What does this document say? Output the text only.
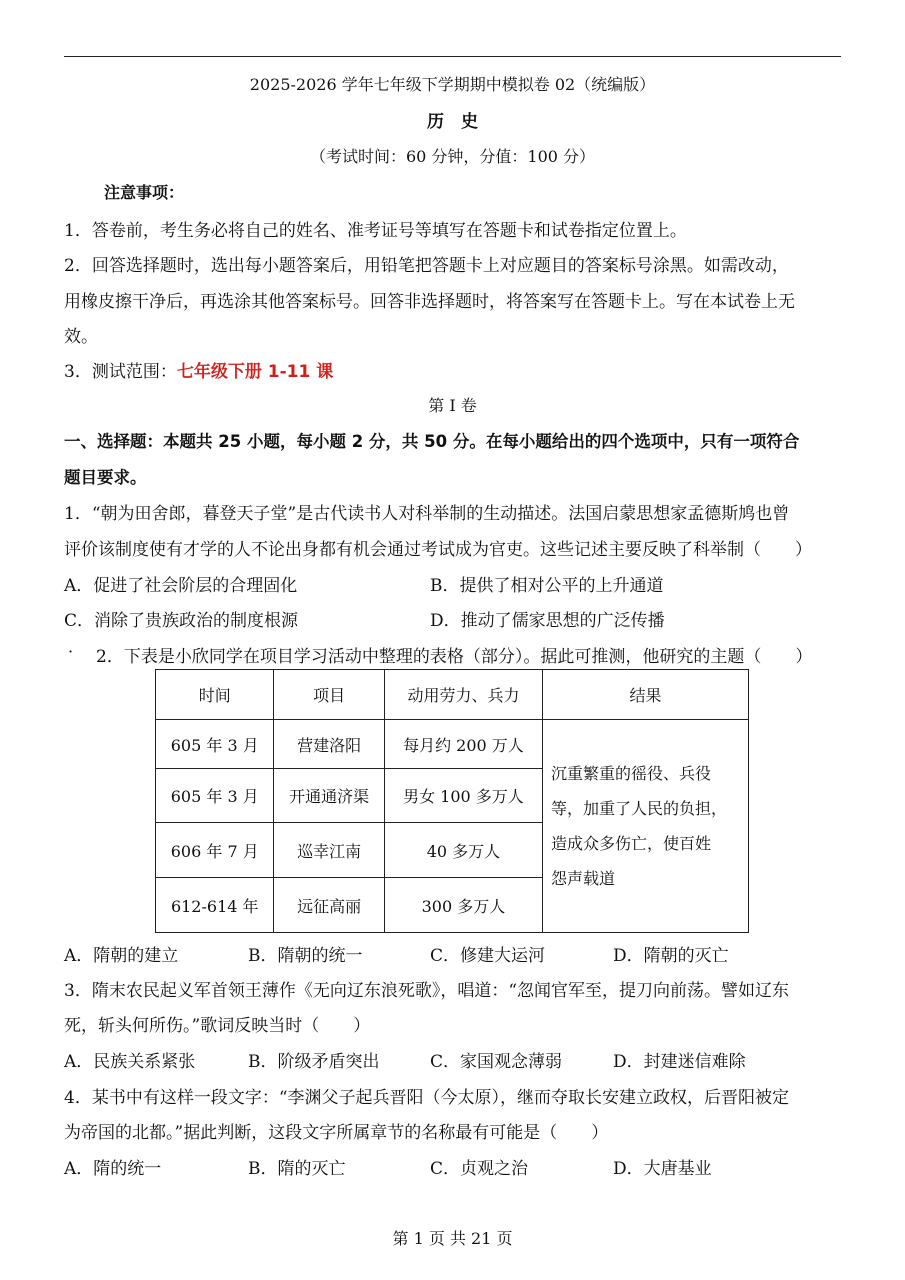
2025-2026 学年七年级下学期期中模拟卷 02（统编版）
历　史
（考试时间：60 分钟，分值：100 分）
注意事项：
1．答卷前，考生务必将自己的姓名、准考证号等填写在答题卡和试卷指定位置上。
2．回答选择题时，选出每小题答案后，用铅笔把答题卡上对应题目的答案标号涂黑。如需改动，
用橡皮擦干净后，再选涂其他答案标号。回答非选择题时，将答案写在答题卡上。写在本试卷上无
效。
3．测试范围：七年级下册 1-11 课
第 I 卷
一、选择题：本题共 25 小题，每小题 2 分，共 50 分。在每小题给出的四个选项中，只有一项符合
题目要求。
1．“朝为田舍郎，暮登天子堂”是古代读书人对科举制的生动描述。法国启蒙思想家孟德斯鸠也曾
评价该制度使有才学的人不论出身都有机会通过考试成为官吏。这些记述主要反映了科举制（　　）
A．促进了社会阶层的合理固化	B．提供了相对公平的上升通道
C．消除了贵族政治的制度根源	D．推动了儒家思想的广泛传播
· 2．下表是小欣同学在项目学习活动中整理的表格（部分）。据此可推测，他研究的主题（　　）
时间	项目	动用劳力、兵力	结果
605 年 3 月	营建洛阳	每月约 200 万人	沉重繁重的徭役、兵役
等，加重了人民的负担，
造成众多伤亡，使百姓
怨声载道

605 年 3 月	开通通济渠	男女 100 多万人	
606 年 7 月	巡幸江南	40 多万人	
612-614 年	远征高丽	300 多万人	
A．隋朝的建立	B．隋朝的统一	C．修建大运河	D．隋朝的灭亡
3．隋末农民起义军首领王薄作《无向辽东浪死歌》，唱道：“忽闻官军至，提刀向前荡。譬如辽东
死，斩头何所伤。”歌词反映当时（　　）
A．民族关系紧张	B．阶级矛盾突出	C．家国观念薄弱	D．封建迷信难除
4．某书中有这样一段文字：“李渊父子起兵晋阳（今太原），继而夺取长安建立政权，后晋阳被定
为帝国的北都。”据此判断，这段文字所属章节的名称最有可能是（　　）
A．隋的统一	B．隋的灭亡	C．贞观之治	D．大唐基业
第 1 页 共 21 页
